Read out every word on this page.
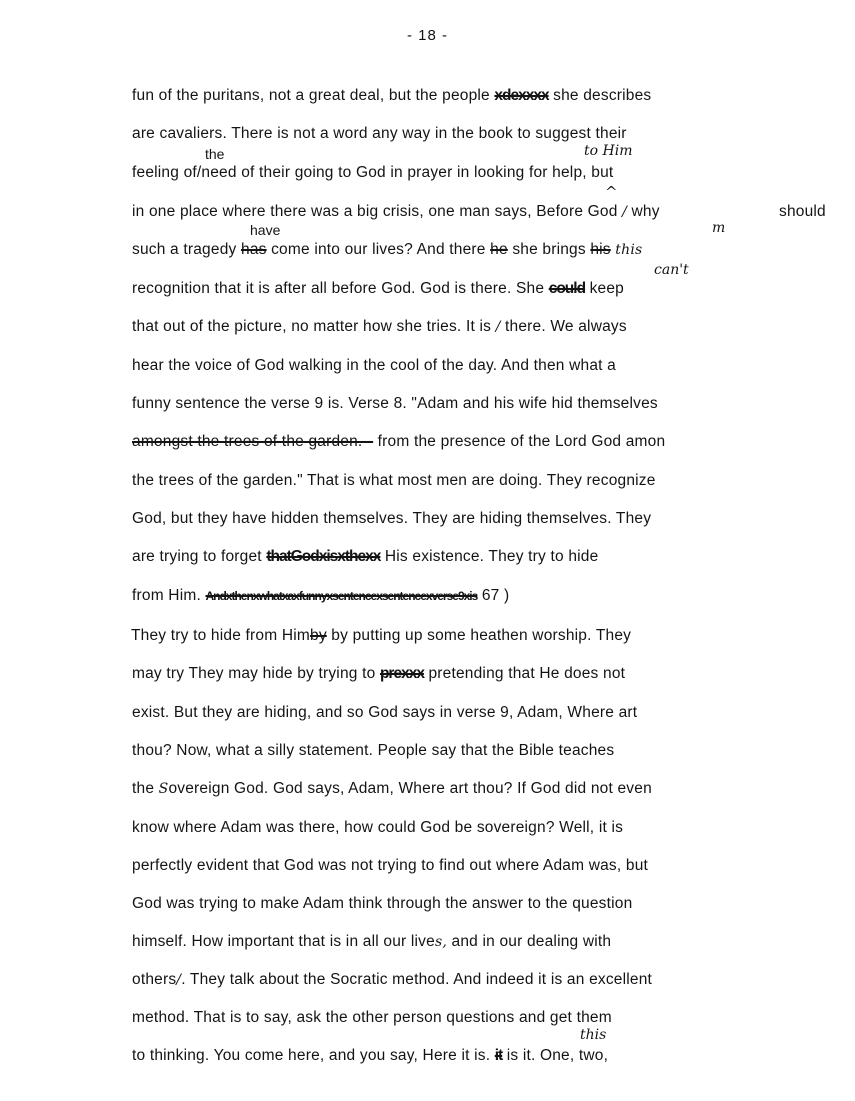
- 18 -
fun of the puritans, not a great deal, but the people xdexxxx she describes
are cavaliers. There is not a word any way in the book to suggest their
the	to Him
feeling of/need of their going to God in prayer in looking for help, but
^
in one place where there was a big crisis, one man says, Before God / why	should
have	m
such a tragedy has come into our lives? And there he she brings his this
can't
recognition that it is after all before God. God is there. She could keep
that out of the picture, no matter how she tries. It is / there. We always
hear the voice of God walking in the cool of the day. And then what a
funny sentence the verse 9 is. Verse 8. "Adam and his wife hid themselves
amongst the trees of the garden.-- from the presence of the Lord God amon
the trees of the garden." That is what most men are doing. They recognize
God, but they have hidden themselves. They are hiding themselves. They
are trying to forget thatGodxisxthexx His existence. They try to hide
from Him. Andxthenxwhatxaxfunnyxsentencexsentencexverse9xis 67 )
They try to hide from Himby by putting up some heathen worship. They
may try They may hide by trying to prexxx pretending that He does not
exist. But they are hiding, and so God says in verse 9, Adam, Where art
thou? Now, what a silly statement. People say that the Bible teaches
the Sovereign God. God says, Adam, Where art thou? If God did not even
know where Adam was there, how could God be sovereign? Well, it is
perfectly evident that God was not trying to find out where Adam was, but
God was trying to make Adam think through the answer to the question
himself. How important that is in all our lives, and in our dealing with
others/. They talk about the Socratic method. And indeed it is an excellent
method. That is to say, ask the other person questions and get them
this
to thinking. You come here, and you say, Here it is. it is it. One, two,
